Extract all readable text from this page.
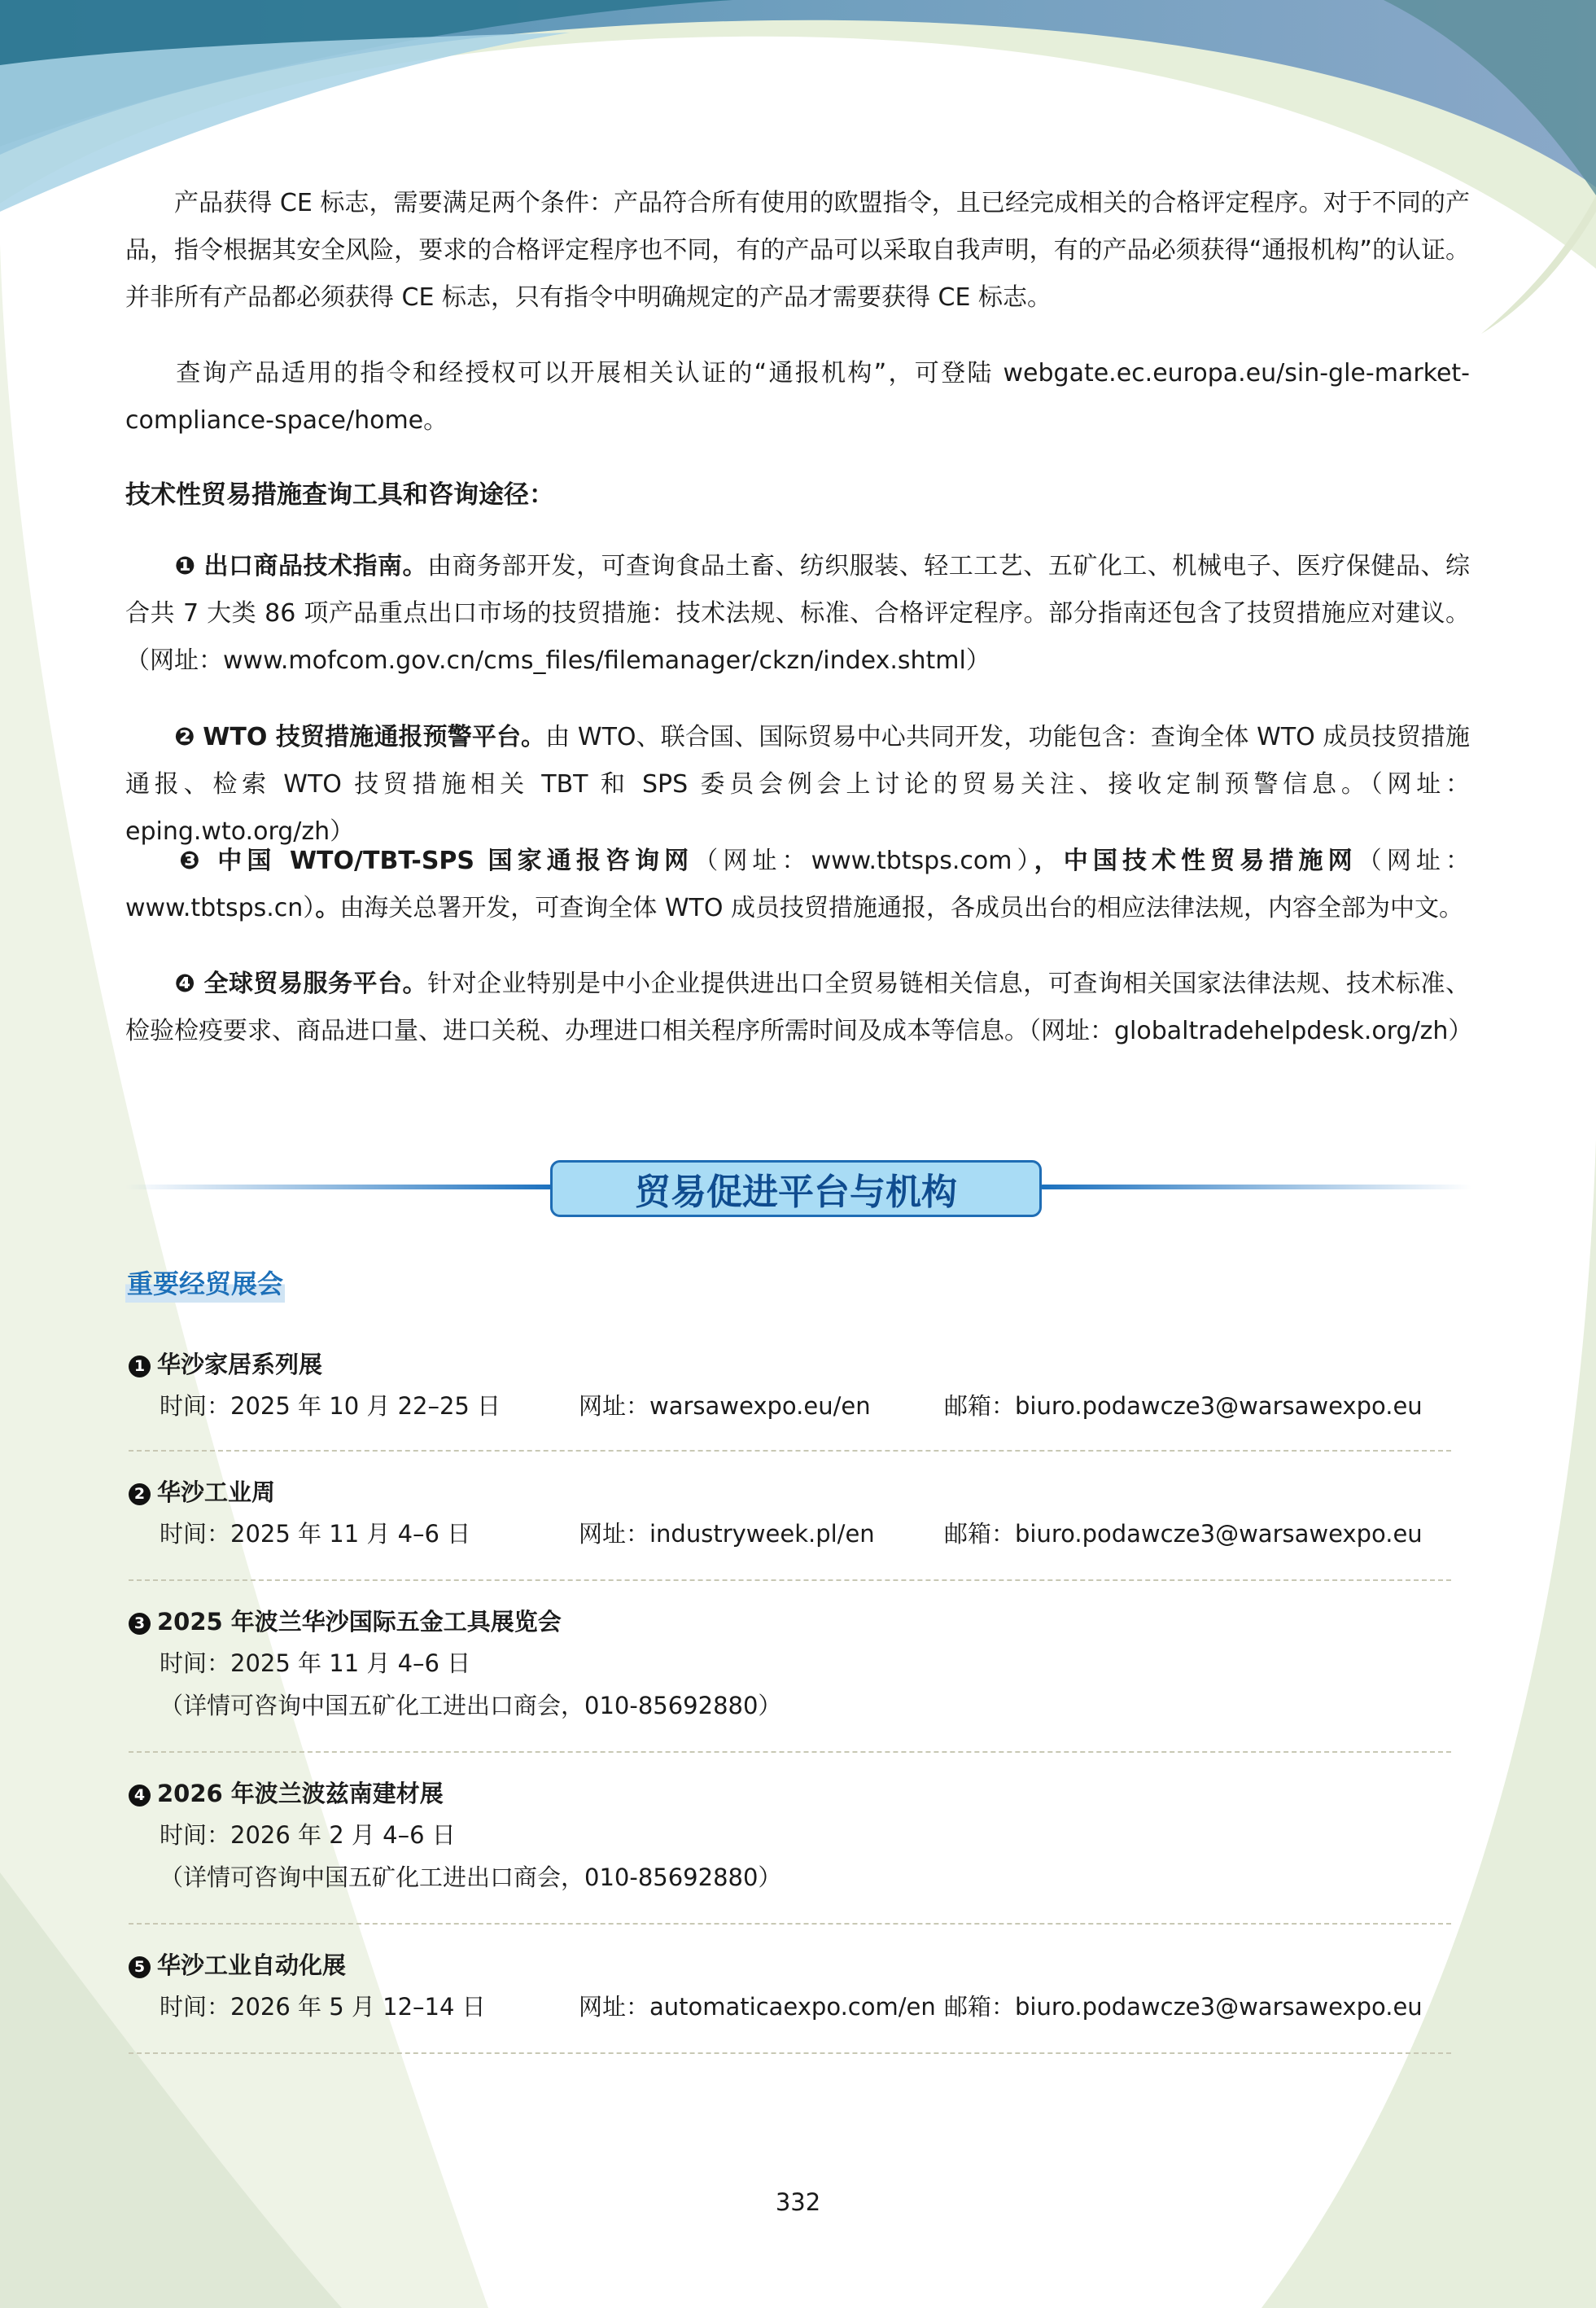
产品获得 CE 标志，需要满足两个条件：产品符合所有使用的欧盟指令，且已经完成相关的合格评定程序。对于不同的产品，指令根据其安全风险，要求的合格评定程序也不同，有的产品可以采取自我声明，有的产品必须获得“通报机构”的认证。并非所有产品都必须获得 CE 标志，只有指令中明确规定的产品才需要获得 CE 标志。

查询产品适用的指令和经授权可以开展相关认证的“通报机构”，可登陆 webgate.ec.europa.eu/sin-gle-market-compliance-space/home。

技术性贸易措施查询工具和咨询途径：

❶ 出口商品技术指南。由商务部开发，可查询食品土畜、纺织服装、轻工工艺、五矿化工、机械电子、医疗保健品、综合共 7 大类 86 项产品重点出口市场的技贸措施：技术法规、标准、合格评定程序。部分指南还包含了技贸措施应对建议。（网址：www.mofcom.gov.cn/cms_files/filemanager/ckzn/index.shtml）

❷ WTO 技贸措施通报预警平台。由 WTO、联合国、国际贸易中心共同开发，功能包含：查询全体 WTO 成员技贸措施通报、检索 WTO 技贸措施相关 TBT 和 SPS 委员会例会上讨论的贸易关注、接收定制预警信息。（网址：eping.wto.org/zh）

❸ 中国 WTO/TBT-SPS 国家通报咨询网（网址：www.tbtsps.com），中国技术性贸易措施网（网址：www.tbtsps.cn）。由海关总署开发，可查询全体 WTO 成员技贸措施通报，各成员出台的相应法律法规，内容全部为中文。

❹ 全球贸易服务平台。针对企业特别是中小企业提供进出口全贸易链相关信息，可查询相关国家法律法规、技术标准、检验检疫要求、商品进口量、进口关税、办理进口相关程序所需时间及成本等信息。（网址：globaltradehelpdesk.org/zh）

贸易促进平台与机构
重要经贸展会

1 华沙家居系列展

时间：2025 年 10 月 22–25 日	网址：warsawexpo.eu/en	邮箱：biuro.podawcze3@warsawexpo.eu

2 华沙工业周

时间：2025 年 11 月 4–6 日	网址：industryweek.pl/en	邮箱：biuro.podawcze3@warsawexpo.eu

3 2025 年波兰华沙国际五金工具展览会

时间：2025 年 11 月 4–6 日
（详情可咨询中国五矿化工进出口商会，010-85692880）

4 2026 年波兰波兹南建材展

时间：2026 年 2 月 4–6 日
（详情可咨询中国五矿化工进出口商会，010-85692880）

5 华沙工业自动化展

时间：2026 年 5 月 12–14 日	网址：automaticaexpo.com/en 邮箱：biuro.podawcze3@warsawexpo.eu
332
